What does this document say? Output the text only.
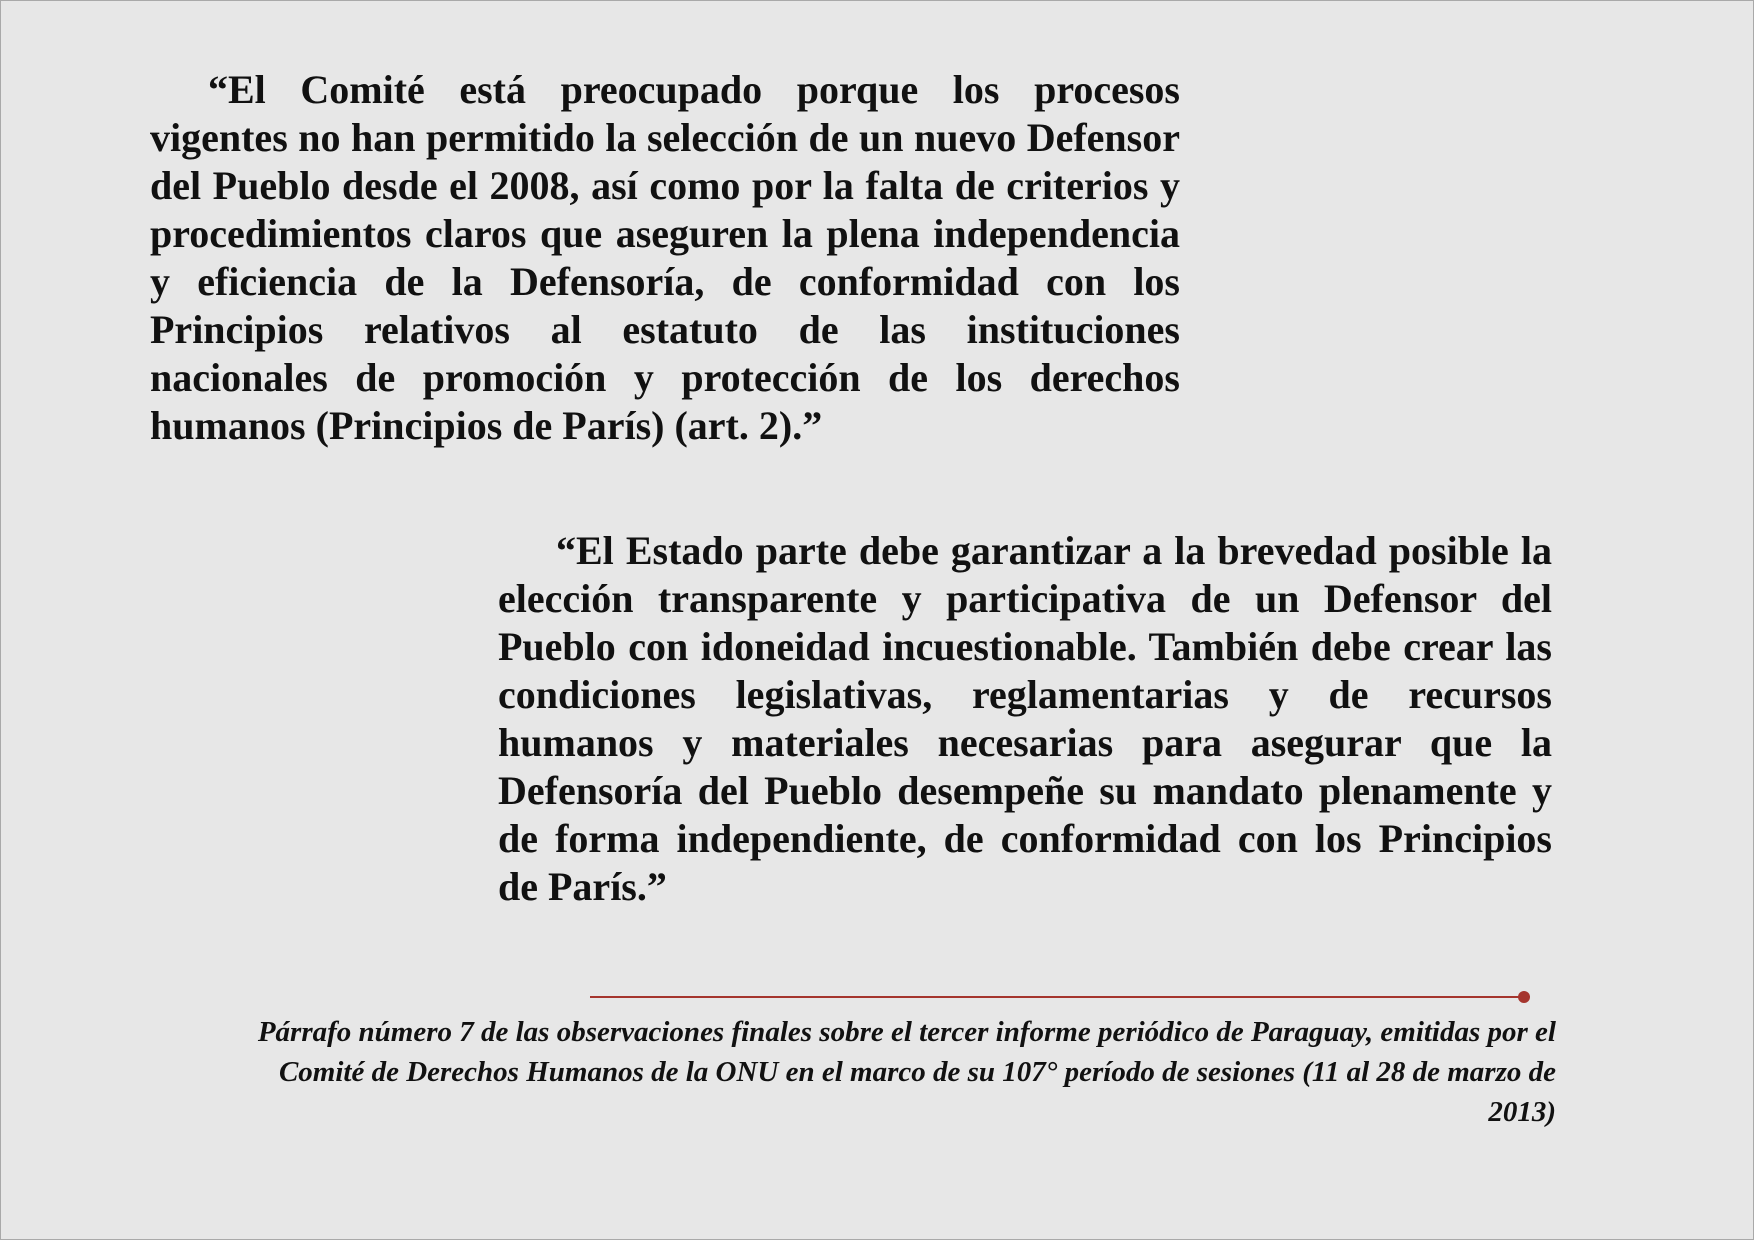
“El Comité está preocupado porque los procesos vigentes no han permitido la selección de un nuevo Defensor del Pueblo desde el 2008, así como por la falta de criterios y procedimientos claros que aseguren la plena independencia y eficiencia de la Defensoría, de conformidad con los Principios relativos al estatuto de las instituciones nacionales de promoción y protección de los derechos humanos (Principios de París) (art. 2).”

“El Estado parte debe garantizar a la brevedad posible la elección transparente y participativa de un Defensor del Pueblo con idoneidad incuestionable. También debe crear las condiciones legislativas, reglamentarias y de recursos humanos y materiales necesarias para asegurar que la Defensoría del Pueblo desempeñe su mandato plenamente y de forma independiente, de conformidad con los Principios de París.”

Párrafo número 7 de las observaciones finales sobre el tercer informe periódico de Paraguay, emitidas por el Comité de Derechos Humanos de la ONU en el marco de su 107° período de sesiones (11 al 28 de marzo de 2013)
